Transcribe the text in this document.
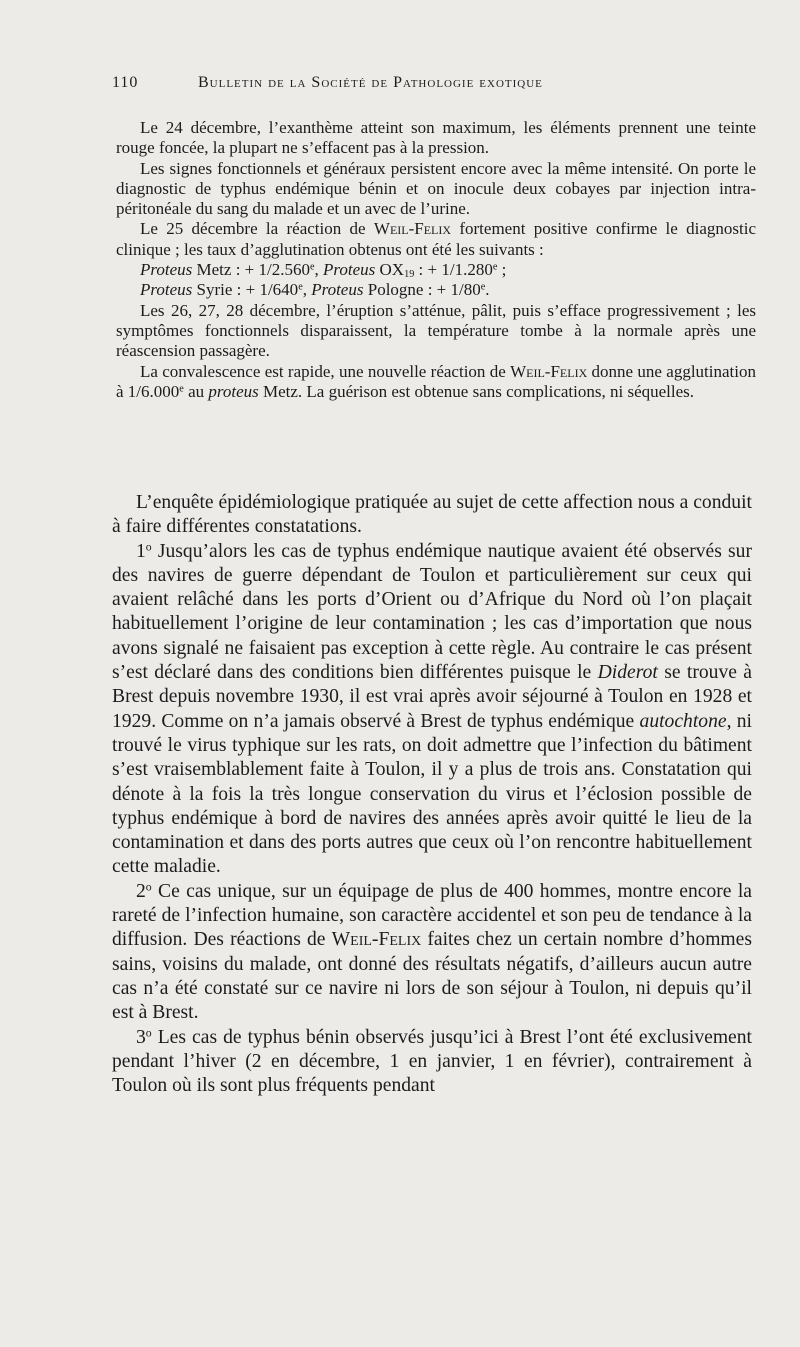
110	Bulletin de la Société de Pathologie exotique

Le 24 décembre, l’exanthème atteint son maximum, les éléments prennent une teinte rouge foncée, la plupart ne s’effacent pas à la pression.

Les signes fonctionnels et généraux persistent encore avec la même intensité. On porte le diagnostic de typhus endémique bénin et on inocule deux cobayes par injection intra-péritonéale du sang du malade et un avec de l’urine.

Le 25 décembre la réaction de Weil-Felix fortement positive confirme le diagnostic clinique ; les taux d’agglutination obtenus ont été les suivants :

Proteus Metz : + 1/2.560$^e$, Proteus $OX_{19}$ : + 1/1.280$^e$ ;
Proteus Syrie : + $1/640^e$, Proteus Pologne : + $1/80^e$.

Les 26, 27, 28 décembre, l’éruption s’atténue, pâlit, puis s’efface progressivement ; les symptômes fonctionnels disparaissent, la température tombe à la normale après une réascension passagère.

La convalescence est rapide, une nouvelle réaction de Weil-Felix donne une agglutination à 1/6.000e au proteus Metz. La guérison est obtenue sans complications, ni séquelles.

L’enquête épidémiologique pratiquée au sujet de cette affection nous a conduit à faire différentes constatations.

1$^o$ Jusqu’alors les cas de typhus endémique nautique avaient été observés sur des navires de guerre dépendant de Toulon et particulièrement sur ceux qui avaient relâché dans les ports d’Orient ou d’Afrique du Nord où l’on plaçait habituellement l’origine de leur contamination ; les cas d’importation que nous avons signalé ne faisaient pas exception à cette règle. Au contraire le cas présent s’est déclaré dans des conditions bien différentes puisque le Diderot se trouve à Brest depuis novembre 1930, il est vrai après avoir séjourné à Toulon en 1928 et 1929. Comme on n’a jamais observé à Brest de typhus endémique autochtone, ni trouvé le virus typhique sur les rats, on doit admettre que l’infection du bâtiment s’est vraisemblablement faite à Toulon, il y a plus de trois ans. Constatation qui dénote à la fois la très longue conservation du virus et l’éclosion possible de typhus endémique à bord de navires des années après avoir quitté le lieu de la contamination et dans des ports autres que ceux où l’on rencontre habituellement cette maladie.

2$^o$ Ce cas unique, sur un équipage de plus de 400 hommes, montre encore la rareté de l’infection humaine, son caractère accidentel et son peu de tendance à la diffusion. Des réactions de Weil-Felix faites chez un certain nombre d’hommes sains, voisins du malade, ont donné des résultats négatifs, d’ailleurs aucun autre cas n’a été constaté sur ce navire ni lors de son séjour à Toulon, ni depuis qu’il est à Brest.

3$^o$ Les cas de typhus bénin observés jusqu’ici à Brest l’ont été exclusivement pendant l’hiver (2 en décembre, 1 en janvier, 1 en février), contrairement à Toulon où ils sont plus fréquents pendant
